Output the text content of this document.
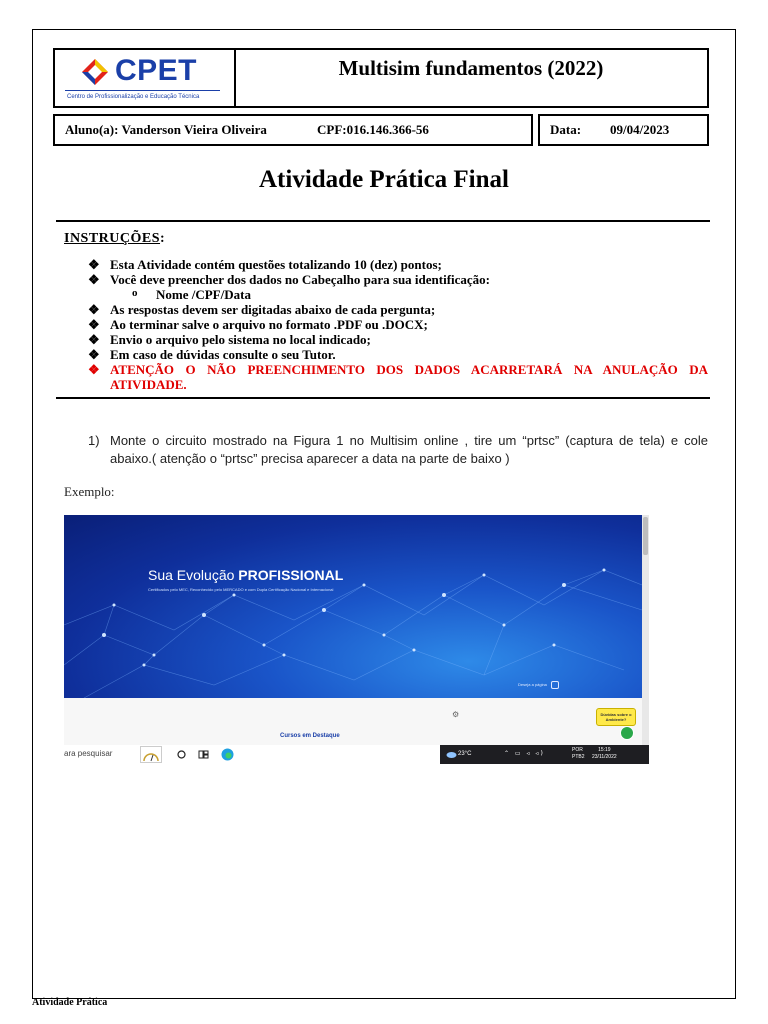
CPET
Centro de Profissionalização e Educação Técnica
Multisim fundamentos (2022)
Aluno(a): Vanderson Vieira Oliveira	CPF:016.146.366-56	Data: 09/04/2023
Atividade Prática Final
INSTRUÇÕES:
❖ Esta Atividade contém questões totalizando 10 (dez) pontos;
❖ Você deve preencher dos dados no Cabeçalho para sua identificação:
o Nome /CPF/Data
❖ As respostas devem ser digitadas abaixo de cada pergunta;
❖ Ao terminar salve o arquivo no formato .PDF ou .DOCX;
❖ Envio o arquivo pelo sistema no local indicado;
❖ Em caso de dúvidas consulte o seu Tutor.
❖ ATENÇÃO O NÃO PREENCHIMENTO DOS DADOS ACARRETARÁ NA ANULAÇÃO DA
ATIVIDADE.
1) Monte o circuito mostrado na Figura 1 no Multisim online , tire um “prtsc” (captura de tela) e cole abaixo.( atenção o “prtsc” precisa aparecer a data na parte de baixo )
Exemplo:
Sua Evolução PROFISSIONAL
Certificados pelo MEC, Reconhecido pelo MERCADO e com Dupla Certificação Nacional e Internacional
Deseja a página
⚙
Cursos em Destaque
Dúvidas sobre o Ambiente?
ara pesquisar	23°C	⌃ ▭ ◃ ◃)	POR
PTB2
15:19
23/11/2022
Atividade Prática
